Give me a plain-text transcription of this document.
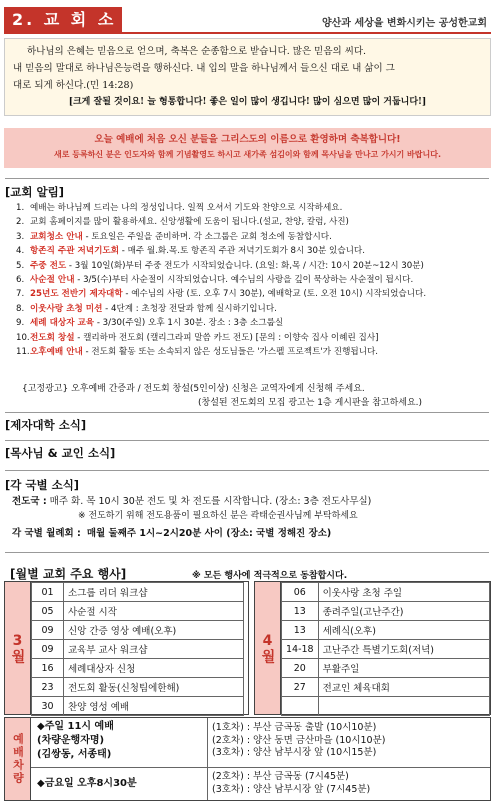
2. 교 회 소	양산과 세상을 변화시키는 공성한교회

하나님의 은혜는 믿음으로 얻으며, 축복은 순종함으로 받습니다. 많은 믿음의 씨다.

내 믿음의 말대로 하나님은능력을 행하신다. 내 입의 말을 하나님께서 들으신 대로 내 삶이 그

대로 되게 하신다.(민 14:28)

[크게 잘될 것이요! 늘 형통합니다! 좋은 일이 많이 생깁니다! 많이 심으면 많이 거둡니다!]

오늘 예배에 처음 오신 분들을 그리스도의 이름으로 환영하며 축복합니다!
새로 등록하신 분은 인도자와 함께 기념촬영도 하시고 새가족 섬김이와 함께 목사님을 만나고 가시기 바랍니다.
[교회 알림]
1. 예배는 하나님께 드리는 나의 정성입니다. 일찍 오셔서 기도와 찬양으로 시작하세요.
2. 교회 홈페이지를 많이 활용하세요. 신앙생활에 도움이 됩니다.(설교, 찬양, 칼럼, 사진)
3. 교회청소 안내 - 토요일은 주일을 준비하며. 각 소그룹은 교회 청소에 동참합시다.
4. 항존직 주관 저녁기도회 - 매주 월.화.목.토 항존직 주관 저녁기도회가 8시 30분 있습니다.
5. 주중 전도 - 3월 10일(화)부터 주중 전도가 시작되었습니다. (요일: 화,목 / 시간: 10시 20분~12시 30분)
6. 사순절 안내 - 3/5(수)부터 사순절이 시작되었습니다. 예수님의 사랑을 깊이 묵상하는 사순절이 됩시다.
7. 25년도 전반기 제자대학 - 예수님의 사랑 (토. 오후 7시 30분), 예배학교 (토. 오전 10시) 시작되었습니다.
8. 이웃사랑 초청 미션 - 4단계 : 초청장 전달과 함께 실시하기입니다.
9. 세례 대상자 교육 - 3/30(주일) 오후 1시 30분. 장소 : 3층 소그룹실
10.전도회 창설 - 캘리하마 전도회 (캘리그라피 말씀 카드 전도) [문의 : 이향숙 집사 이혜린 집사]
11.오후예배 안내 - 전도회 활동 또는 소속되지 않은 성도님들은 '가스펠 프로젝트'가 진행됩니다.
{고정광고} 오후예배 간증과 / 전도회 창설(5인이상) 신청은 교역자에게 신청해 주세요.
(창설된 전도회의 모집 광고는 1층 게시판을 참고하세요.)
[제자대학 소식]
[목사님 & 교인 소식]
[각 국별 소식]
전도국 : 매주 화. 목 10시 30분 전도 및 차 전도를 시작합니다. (장소: 3층 전도사무실)
※ 전도하기 위해 전도용품이 필요하신 분은 곽태순권사님께 부탁하세요
각 국별 월례회 : 매월 둘째주 1시~2시20분 사이 (장소: 국별 정해진 장소)
[월별 교회 주요 행사]	※ 모든 행사에 적극적으로 동참합시다.
3월
01	소그룹 리더 워크샵
05	사순절 시작
09	신앙 간증 영상 예배(오후)
09	교육부 교사 워크샵
16	세례대상자 신청
23	전도회 활동(신청팀에한해)
30	찬양 영성 예배
4월
06	이웃사랑 초청 주일
13	종려주일(고난주간)
13	세례식(오후)
14-18	고난주간 특별기도회(저녁)
20	부활주일
27	전교인 체육대회

예배차량
◆주일 11시 예배
(차량운행자명)
(김쌍동, 서종태)
(1호차) : 부산 금곡동 출발 (10시10분)
(2호차) : 양산 동면 금산마을 (10시10분)
(3호차) : 양산 남부시장 앞 (10시15분)
◆금요일 오후8시30분
(2호차) : 부산 금곡동 (7시45분)
(3호차) : 양산 남부시장 앞 (7시45분)
